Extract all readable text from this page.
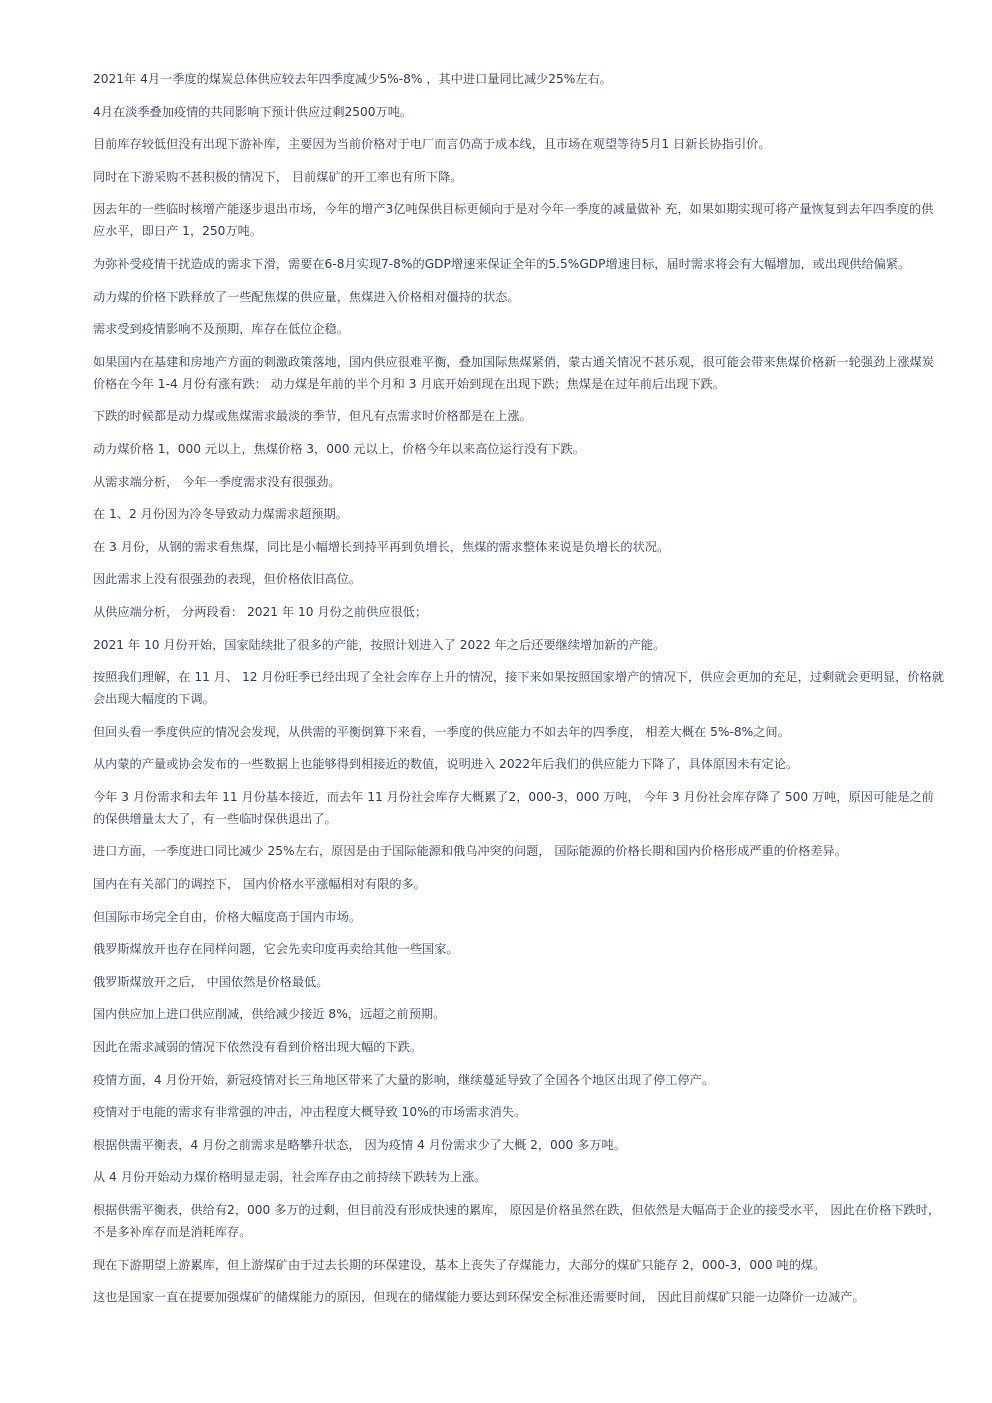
2021年 4月一季度的煤炭总体供应较去年四季度减少5%-8% ，其中进口量同比减少25%左右。

4月在淡季叠加疫情的共同影响下预计供应过剩2500万吨。

目前库存较低但没有出现下游补库，主要因为当前价格对于电厂而言仍高于成本线，且市场在观望等待5月1 日新长协指引价。

同时在下游采购不甚积极的情况下， 目前煤矿的开工率也有所下降。

因去年的一些临时核增产能逐步退出市场，今年的增产3亿吨保供目标更倾向于是对今年一季度的减量做补 充，如果如期实现可将产量恢复到去年四季度的供应水平，即日产 1，250万吨。

为弥补受疫情干扰造成的需求下滑，需要在6-8月实现7-8%的GDP增速来保证全年的5.5%GDP增速目标，届时需求将会有大幅增加，或出现供给偏紧。

动力煤的价格下跌释放了一些配焦煤的供应量，焦煤进入价格相对僵持的状态。

需求受到疫情影响不及预期，库存在低位企稳。

如果国内在基建和房地产方面的刺激政策落地，国内供应很难平衡，叠加国际焦煤紧俏，蒙古通关情况不甚乐观，很可能会带来焦煤价格新一轮强劲上涨煤炭价格在今年 1-4 月份有涨有跌： 动力煤是年前的半个月和 3 月底开始到现在出现下跌；焦煤是在过年前后出现下跌。

下跌的时候都是动力煤或焦煤需求最淡的季节，但凡有点需求时价格都是在上涨。

动力煤价格 1，000 元以上，焦煤价格 3，000 元以上，价格今年以来高位运行没有下跌。

从需求端分析， 今年一季度需求没有很强劲。

在 1、2 月份因为冷冬导致动力煤需求超预期。

在 3 月份，从钢的需求看焦煤，同比是小幅增长到持平再到负增长，焦煤的需求整体来说是负增长的状况。

因此需求上没有很强劲的表现，但价格依旧高位。

从供应端分析， 分两段看： 2021 年 10 月份之前供应很低；

2021 年 10 月份开始，国家陆续批了很多的产能，按照计划进入了 2022 年之后还要继续增加新的产能。

按照我们理解，在 11 月、 12 月份旺季已经出现了全社会库存上升的情况，接下来如果按照国家增产的情况下，供应会更加的充足，过剩就会更明显，价格就会出现大幅度的下调。

但回头看一季度供应的情况会发现，从供需的平衡倒算下来看，一季度的供应能力不如去年的四季度， 相差大概在 5%-8%之间。

从内蒙的产量或协会发布的一些数据上也能够得到相接近的数值，说明进入 2022年后我们的供应能力下降了，具体原因未有定论。

今年 3 月份需求和去年 11 月份基本接近，而去年 11 月份社会库存大概累了2，000-3，000 万吨， 今年 3 月份社会库存降了 500 万吨，原因可能是之前的保供增量太大了，有一些临时保供退出了。

进口方面，一季度进口同比减少 25%左右，原因是由于国际能源和俄乌冲突的问题， 国际能源的价格长期和国内价格形成严重的价格差异。

国内在有关部门的调控下， 国内价格水平涨幅相对有限的多。

但国际市场完全自由，价格大幅度高于国内市场。

俄罗斯煤放开也存在同样问题，它会先卖印度再卖给其他一些国家。

俄罗斯煤放开之后， 中国依然是价格最低。

国内供应加上进口供应削减，供给减少接近 8%，远超之前预期。

因此在需求减弱的情况下依然没有看到价格出现大幅的下跌。

疫情方面，4 月份开始，新冠疫情对长三角地区带来了大量的影响，继续蔓延导致了全国各个地区出现了停工停产。

疫情对于电能的需求有非常强的冲击，冲击程度大概导致 10%的市场需求消失。

根据供需平衡表，4 月份之前需求是略攀升状态， 因为疫情 4 月份需求少了大概 2，000 多万吨。

从 4 月份开始动力煤价格明显走弱，社会库存由之前持续下跌转为上涨。

根据供需平衡表，供给有2，000 多万的过剩，但目前没有形成快速的累库， 原因是价格虽然在跌，但依然是大幅高于企业的接受水平， 因此在价格下跌时，不是多补库存而是消耗库存。

现在下游期望上游累库，但上游煤矿由于过去长期的环保建设，基本上丧失了存煤能力，大部分的煤矿只能存 2，000-3，000 吨的煤。

这也是国家一直在提要加强煤矿的储煤能力的原因，但现在的储煤能力要达到环保安全标准还需要时间， 因此目前煤矿只能一边降价一边减产。
